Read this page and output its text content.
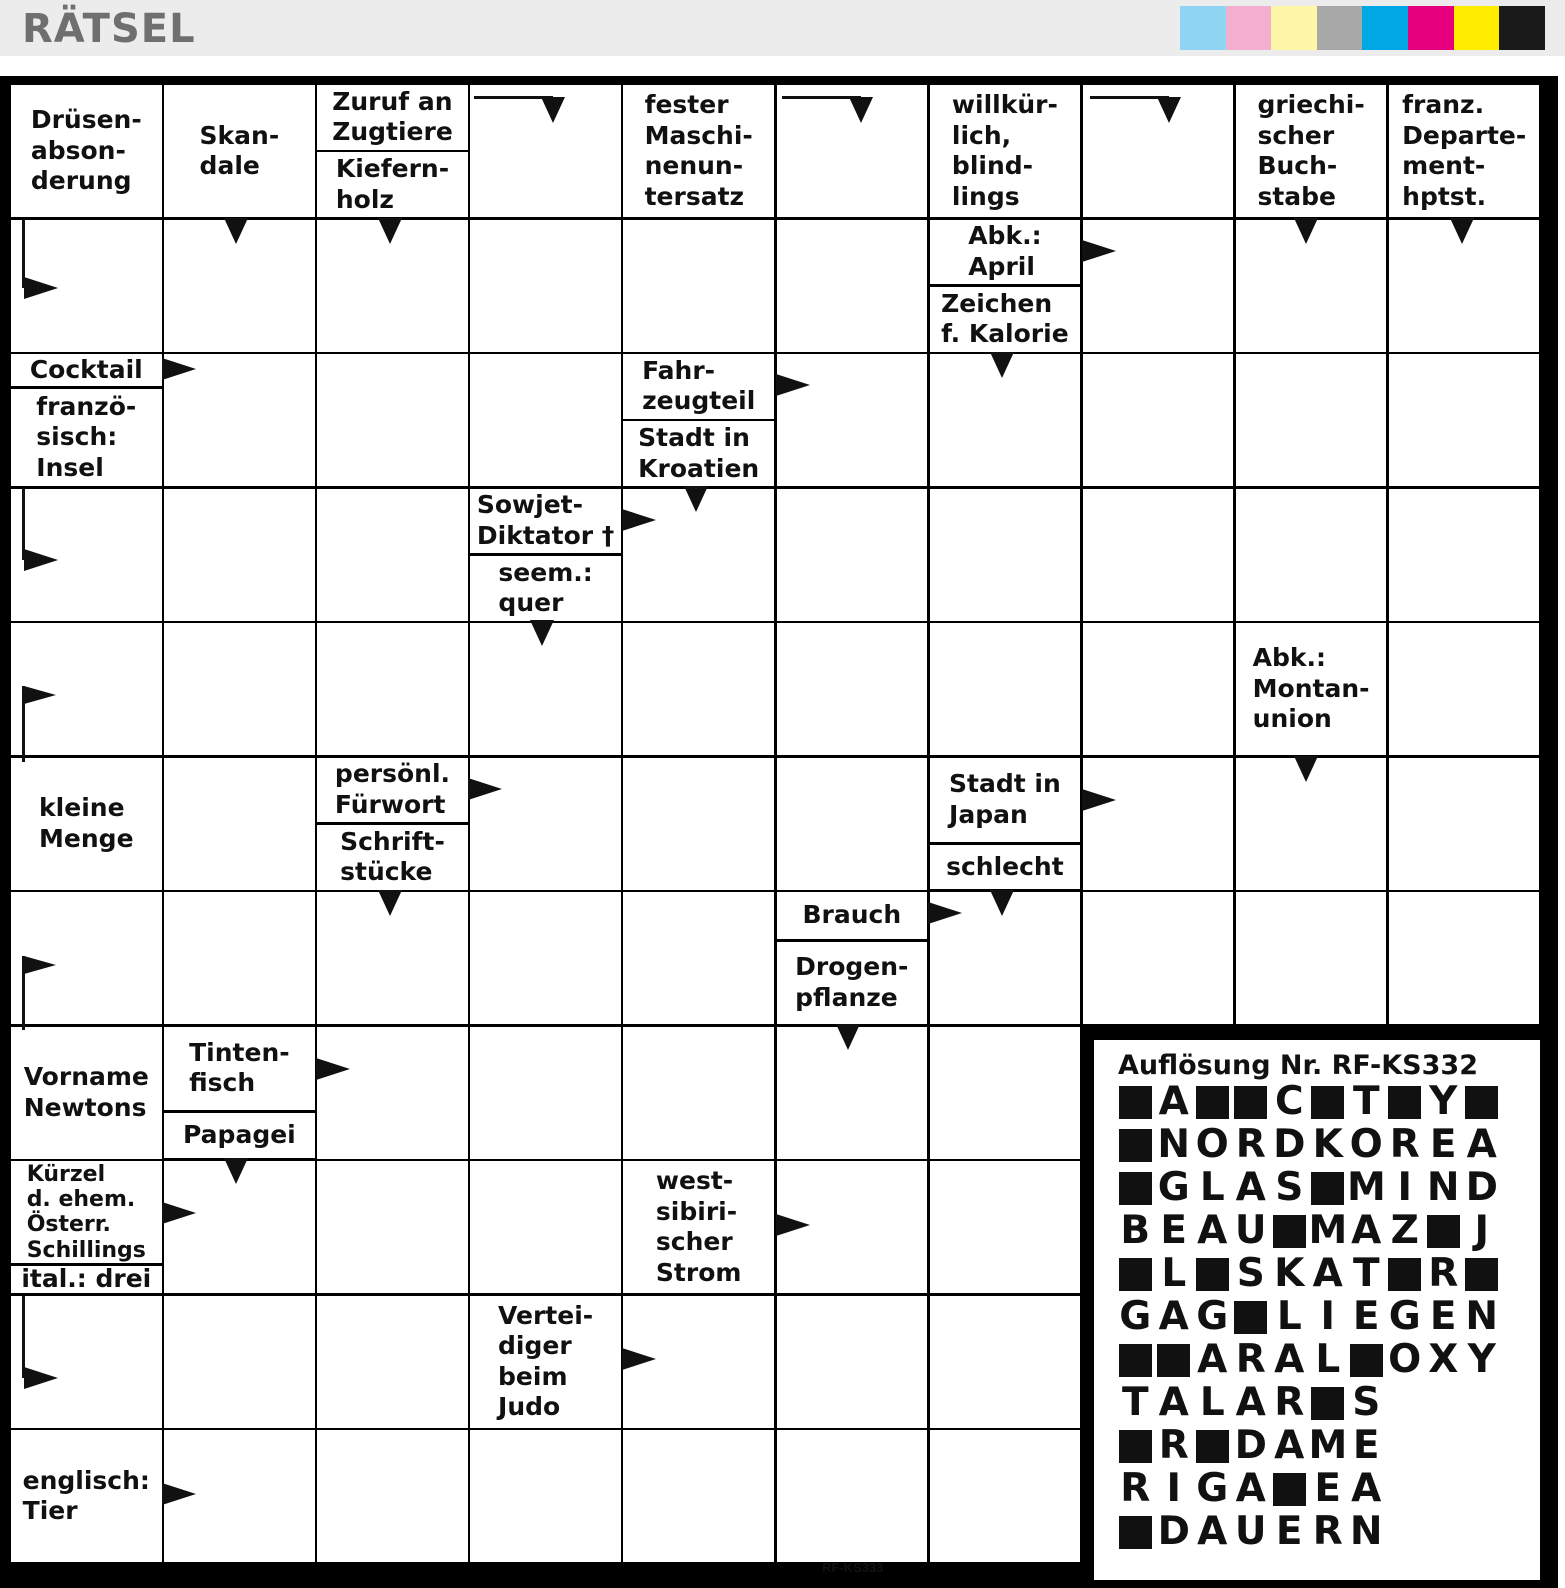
RÄTSEL
Drüsen-
abson-
derung
Skan-
dale
Zuruf an
Zugtiere
Kiefern-
holz
fester
Maschi-
nenun-
tersatz
willkür-
lich,
blind-
lings
griechi-
scher
Buch-
stabe
franz.
Departe-
ment-
hptst.
Abk.:
April
Zeichen
f. Kalorie
Cocktail
franzö-
sisch:
Insel
Fahr-
zeugteil
Stadt in
Kroatien
Sowjet-
Diktator †
seem.:
quer
Abk.:
Montan-
union
kleine
Menge
persönl.
Fürwort
Schrift-
stücke
Stadt in
Japan
schlecht
Brauch
Drogen-
pflanze
Vorname
Newtons
Tinten-
fisch
Papagei
Kürzel
d. ehem.
Österr.
Schillings
ital.: drei
west-
sibiri-
scher
Strom
Vertei-
diger
beim
Judo
englisch:
Tier
Auflösung Nr. RF-KS332
A C T Y
N O R D K O R E A
G L A S M I N D
B E A U M A Z	J
L S K A T R
G A G L I E G E N
A R A L O X Y
T A L A R S
R D A M E
R I G A E A
D A U E R N
RF-KS333
